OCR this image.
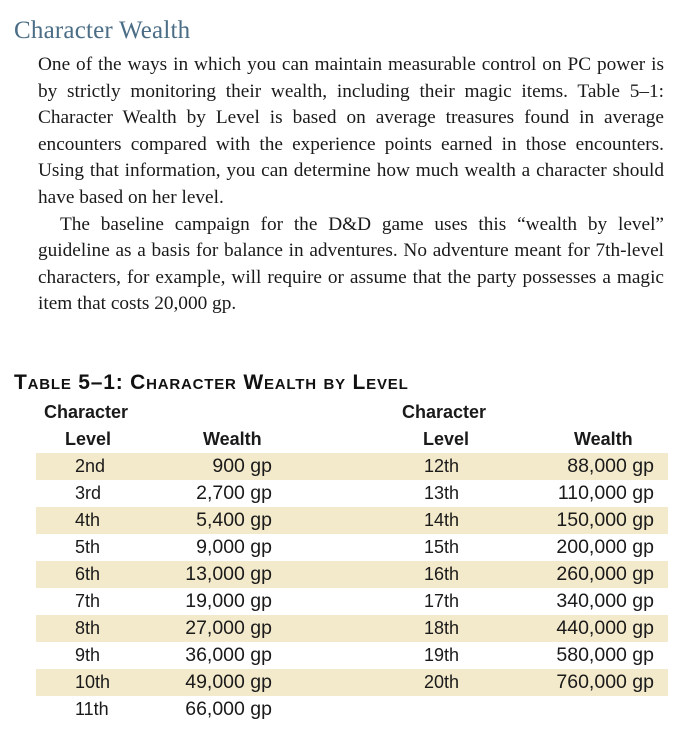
Character Wealth

One of the ways in which you can maintain measurable control on PC power is by strictly monitoring their wealth, including their magic items. Table 5–1: Character Wealth by Level is based on average treasures found in average encounters compared with the experience points earned in those encounters. Using that information, you can determine how much wealth a character should have based on her level.

The baseline campaign for the D&D game uses this “wealth by level” guideline as a basis for balance in adventures. No adventure meant for 7th-level characters, for example, will require or assume that the party possesses a magic item that costs 20,000 gp.

Table 5–1: Character Wealth by Level
Character
Level	Wealth
Character
Level	Wealth
2nd	900 gp	12th	88,000 gp
3rd	2,700 gp	13th	110,000 gp
4th	5,400 gp	14th	150,000 gp
5th	9,000 gp	15th	200,000 gp
6th	13,000 gp	16th	260,000 gp
7th	19,000 gp	17th	340,000 gp
8th	27,000 gp	18th	440,000 gp
9th	36,000 gp	19th	580,000 gp
10th	49,000 gp	20th	760,000 gp
11th	66,000 gp
